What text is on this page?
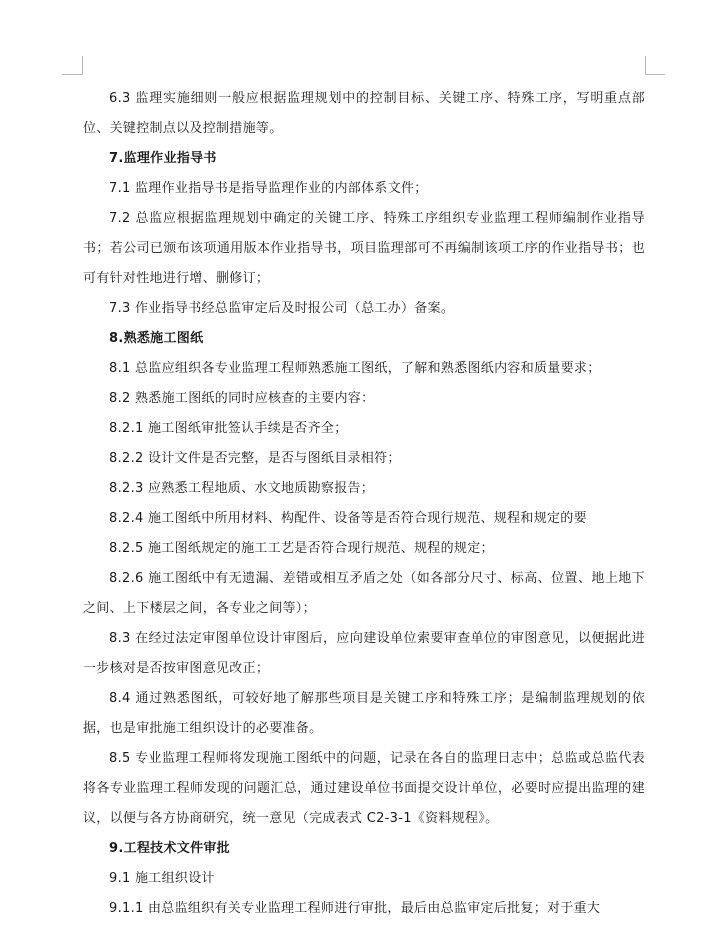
6.3 监理实施细则一般应根据监理规划中的控制目标、关键工序、特殊工序，写明重点部位、关键控制点以及控制措施等。

7.监理作业指导书

7.1 监理作业指导书是指导监理作业的内部体系文件；

7.2 总监应根据监理规划中确定的关键工序、特殊工序组织专业监理工程师编制作业指导书；若公司已颁布该项通用版本作业指导书，项目监理部可不再编制该项工序的作业指导书；也可有针对性地进行增、删修订；

7.3 作业指导书经总监审定后及时报公司（总工办）备案。

8.熟悉施工图纸

8.1 总监应组织各专业监理工程师熟悉施工图纸，了解和熟悉图纸内容和质量要求；

8.2 熟悉施工图纸的同时应核查的主要内容：

8.2.1 施工图纸审批签认手续是否齐全；

8.2.2 设计文件是否完整，是否与图纸目录相符；

8.2.3 应熟悉工程地质、水文地质勘察报告；

8.2.4 施工图纸中所用材料、构配件、设备等是否符合现行规范、规程和规定的要

8.2.5 施工图纸规定的施工工艺是否符合现行规范、规程的规定；

8.2.6 施工图纸中有无遗漏、差错或相互矛盾之处（如各部分尺寸、标高、位置、地上地下之间、上下楼层之间，各专业之间等）；

8.3 在经过法定审图单位设计审图后，应向建设单位索要审查单位的审图意见，以便据此进一步核对是否按审图意见改正；

8.4 通过熟悉图纸，可较好地了解那些项目是关键工序和特殊工序；是编制监理规划的依据，也是审批施工组织设计的必要准备。

8.5 专业监理工程师将发现施工图纸中的问题，记录在各自的监理日志中；总监或总监代表将各专业监理工程师发现的问题汇总，通过建设单位书面提交设计单位，必要时应提出监理的建议，以便与各方协商研究，统一意见（完成表式 C2-3-1《资料规程》。

9.工程技术文件审批

9.1 施工组织设计

9.1.1 由总监组织有关专业监理工程师进行审批，最后由总监审定后批复；对于重大
